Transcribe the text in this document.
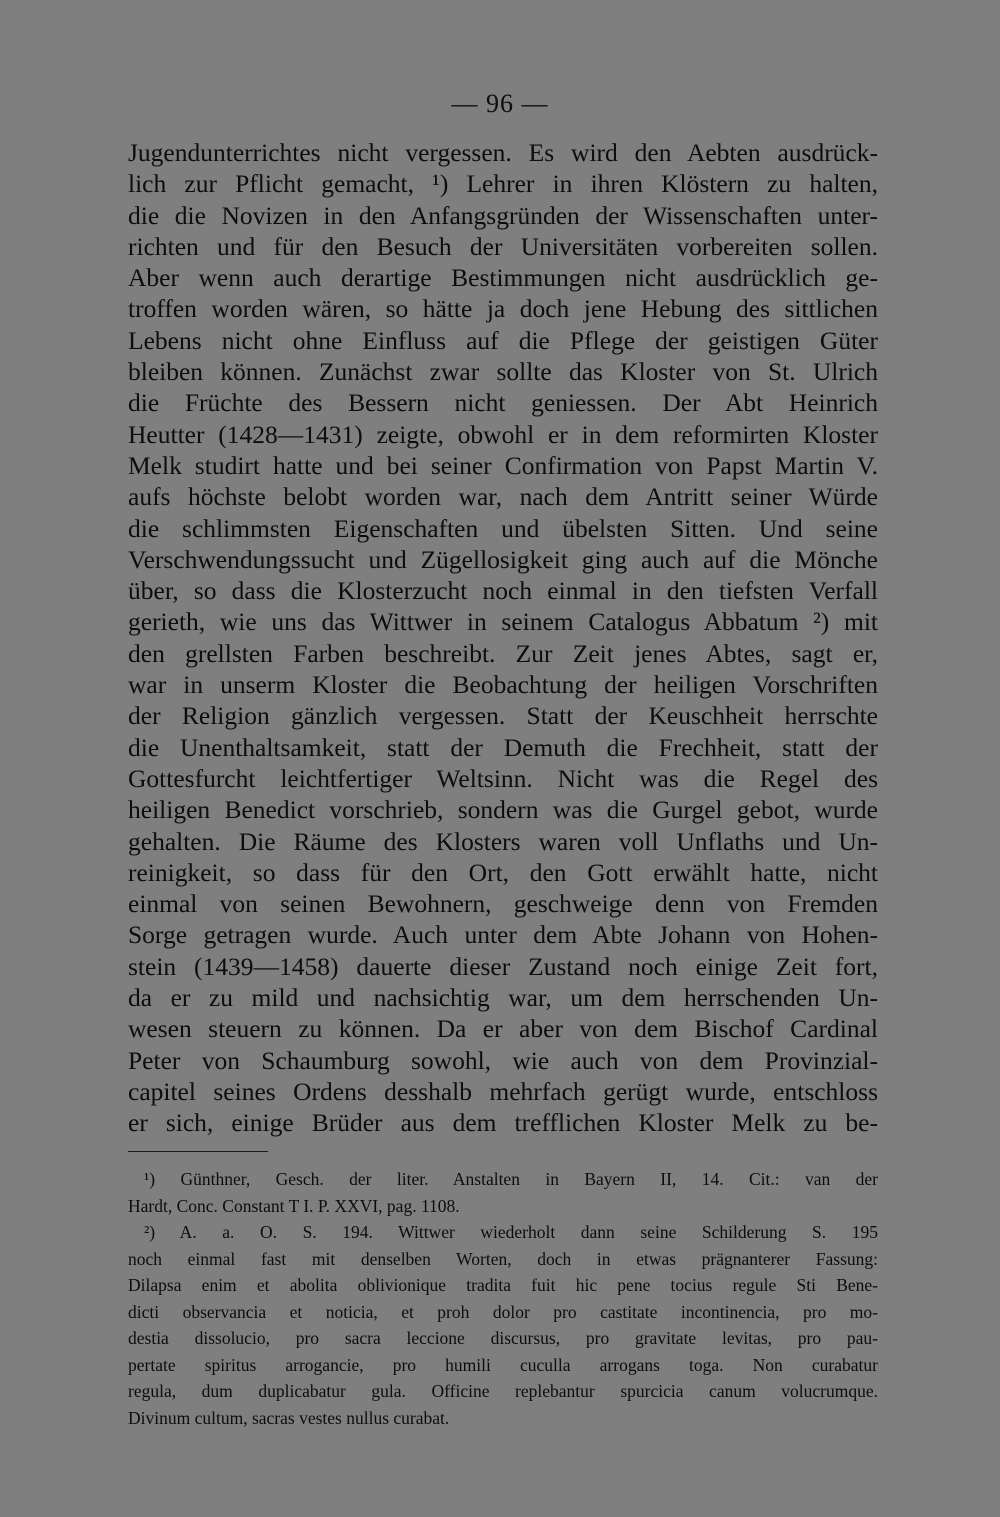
— 96 —
Jugendunterrichtes nicht vergessen. Es wird den Aebten ausdrück-
lich zur Pflicht gemacht, ¹) Lehrer in ihren Klöstern zu halten,
die die Novizen in den Anfangsgründen der Wissenschaften unter-
richten und für den Besuch der Universitäten vorbereiten sollen.
Aber wenn auch derartige Bestimmungen nicht ausdrücklich ge-
troffen worden wären, so hätte ja doch jene Hebung des sittlichen
Lebens nicht ohne Einfluss auf die Pflege der geistigen Güter
bleiben können. Zunächst zwar sollte das Kloster von St. Ulrich
die Früchte des Bessern nicht geniessen. Der Abt Heinrich
Heutter (1428—1431) zeigte, obwohl er in dem reformirten Kloster
Melk studirt hatte und bei seiner Confirmation von Papst Martin V.
aufs höchste belobt worden war, nach dem Antritt seiner Würde
die schlimmsten Eigenschaften und übelsten Sitten. Und seine
Verschwendungssucht und Zügellosigkeit ging auch auf die Mönche
über, so dass die Klosterzucht noch einmal in den tiefsten Verfall
gerieth, wie uns das Wittwer in seinem Catalogus Abbatum ²) mit
den grellsten Farben beschreibt. Zur Zeit jenes Abtes, sagt er,
war in unserm Kloster die Beobachtung der heiligen Vorschriften
der Religion gänzlich vergessen. Statt der Keuschheit herrschte
die Unenthaltsamkeit, statt der Demuth die Frechheit, statt der
Gottesfurcht leichtfertiger Weltsinn. Nicht was die Regel des
heiligen Benedict vorschrieb, sondern was die Gurgel gebot, wurde
gehalten. Die Räume des Klosters waren voll Unflaths und Un-
reinigkeit, so dass für den Ort, den Gott erwählt hatte, nicht
einmal von seinen Bewohnern, geschweige denn von Fremden
Sorge getragen wurde. Auch unter dem Abte Johann von Hohen-
stein (1439—1458) dauerte dieser Zustand noch einige Zeit fort,
da er zu mild und nachsichtig war, um dem herrschenden Un-
wesen steuern zu können. Da er aber von dem Bischof Cardinal
Peter von Schaumburg sowohl, wie auch von dem Provinzial-
capitel seines Ordens desshalb mehrfach gerügt wurde, entschloss
er sich, einige Brüder aus dem trefflichen Kloster Melk zu be-
¹) Günthner, Gesch. der liter. Anstalten in Bayern II, 14. Cit.: van der
Hardt, Conc. Constant T I. P. XXVI, pag. 1108.
²) A. a. O. S. 194. Wittwer wiederholt dann seine Schilderung S. 195
noch einmal fast mit denselben Worten, doch in etwas prägnanterer Fassung:
Dilapsa enim et abolita oblivionique tradita fuit hic pene tocius regule Sti Bene-
dicti observancia et noticia, et proh dolor pro castitate incontinencia, pro mo-
destia dissolucio, pro sacra leccione discursus, pro gravitate levitas, pro pau-
pertate spiritus arrogancie, pro humili cuculla arrogans toga. Non curabatur
regula, dum duplicabatur gula. Officine replebantur spurcicia canum volucrumque.
Divinum cultum, sacras vestes nullus curabat.
